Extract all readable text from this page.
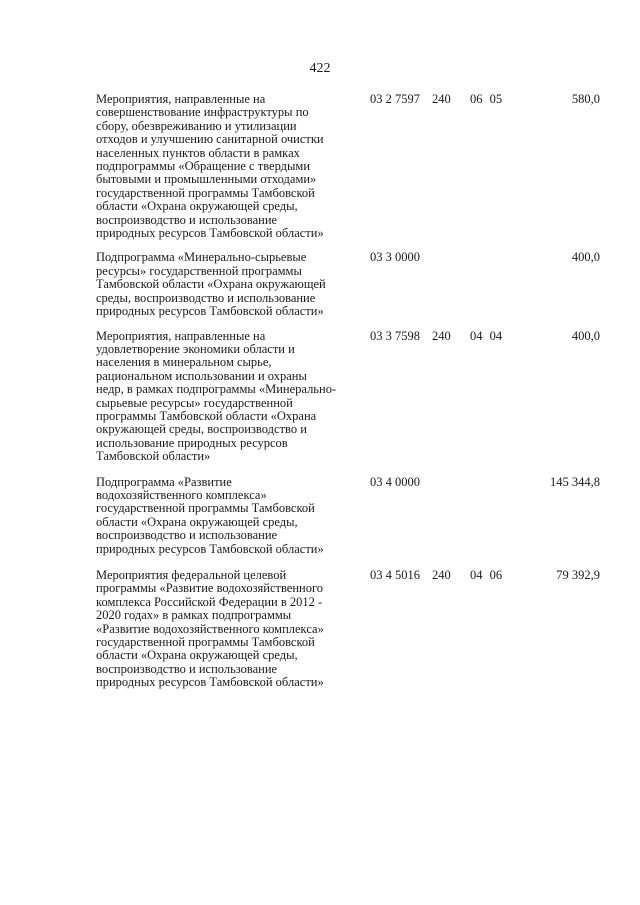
422
Мероприятия, направленные на
совершенствование инфраструктуры по
сбору, обезвреживанию и утилизации
отходов и улучшению санитарной очистки
населенных пунктов области в рамках
подпрограммы «Обращение с твердыми
бытовыми и промышленными отходами»
государственной программы Тамбовской
области «Охрана окружающей среды,
воспроизводство и использование
природных ресурсов Тамбовской области»
03 2 7597 240 06 05	580,0
Подпрограмма «Минерально-сырьевые
ресурсы» государственной программы
Тамбовской области «Охрана окружающей
среды, воспроизводство и использование
природных ресурсов Тамбовской области»
03 3 0000	400,0
Мероприятия, направленные на
удовлетворение экономики области и
населения в минеральном сырье,
рациональном использовании и охраны
недр, в рамках подпрограммы «Минерально-
сырьевые ресурсы» государственной
программы Тамбовской области «Охрана
окружающей среды, воспроизводство и
использование природных ресурсов
Тамбовской области»
03 3 7598 240 04 04	400,0
Подпрограмма «Развитие
водохозяйственного комплекса»
государственной программы Тамбовской
области «Охрана окружающей среды,
воспроизводство и использование
природных ресурсов Тамбовской области»
03 4 0000	145 344,8
Мероприятия федеральной целевой
программы «Развитие водохозяйственного
комплекса Российской Федерации в 2012 -
2020 годах» в рамках подпрограммы
«Развитие водохозяйственного комплекса»
государственной программы Тамбовской
области «Охрана окружающей среды,
воспроизводство и использование
природных ресурсов Тамбовской области»
03 4 5016 240 04 06	79 392,9
